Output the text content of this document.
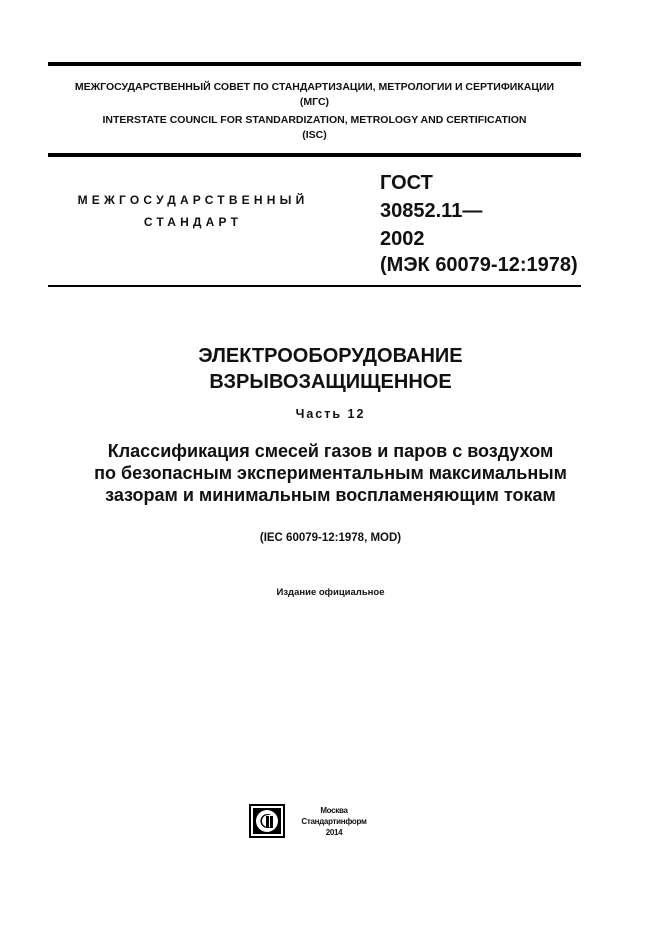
МЕЖГОСУДАРСТВЕННЫЙ СОВЕТ ПО СТАНДАРТИЗАЦИИ, МЕТРОЛОГИИ И СЕРТИФИКАЦИИ
(МГС)
INTERSTATE COUNCIL FOR STANDARDIZATION, METROLOGY AND CERTIFICATION
(ISC)
МЕЖГОСУДАРСТВЕННЫЙ
СТАНДАРТ
ГОСТ
30852.11—
2002
(МЭК 60079-12:1978)
ЭЛЕКТРООБОРУДОВАНИЕ
ВЗРЫВОЗАЩИЩЕННОЕ
Часть 12
Классификация смесей газов и паров с воздухом
по безопасным экспериментальным максимальным
зазорам и минимальным воспламеняющим токам
(IEC 60079-12:1978, MOD)
Издание официальное
Москва
Стандартинформ
2014
